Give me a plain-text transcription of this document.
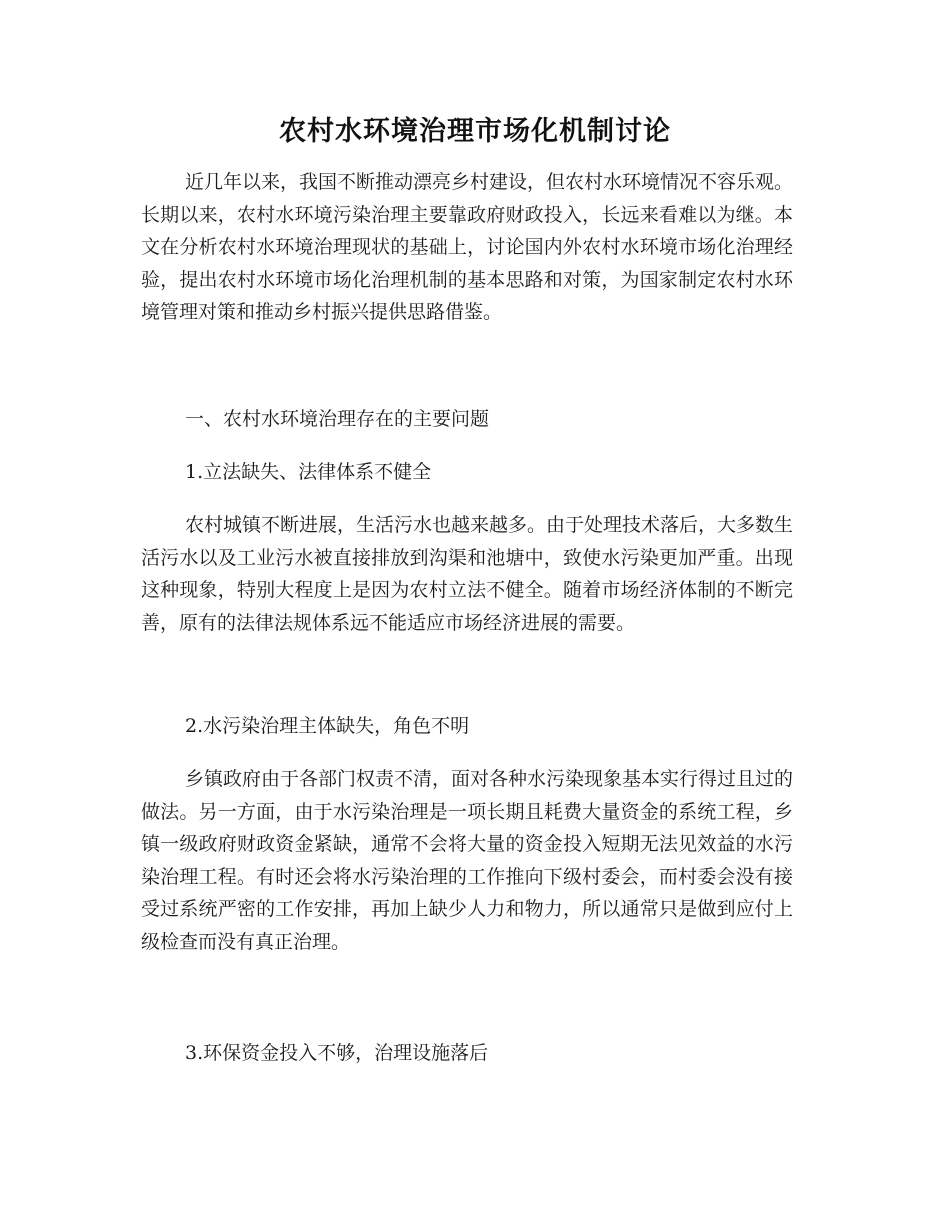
农村水环境治理市场化机制讨论
近几年以来，我国不断推动漂亮乡村建设，但农村水环境情况不容乐观。长期以来，农村水环境污染治理主要靠政府财政投入，长远来看难以为继。本文在分析农村水环境治理现状的基础上，讨论国内外农村水环境市场化治理经验，提出农村水环境市场化治理机制的基本思路和对策，为国家制定农村水环境管理对策和推动乡村振兴提供思路借鉴。
一、农村水环境治理存在的主要问题
1.立法缺失、法律体系不健全
农村城镇不断进展，生活污水也越来越多。由于处理技术落后，大多数生活污水以及工业污水被直接排放到沟渠和池塘中，致使水污染更加严重。出现这种现象，特别大程度上是因为农村立法不健全。随着市场经济体制的不断完善，原有的法律法规体系远不能适应市场经济进展的需要。
2.水污染治理主体缺失，角色不明
乡镇政府由于各部门权责不清，面对各种水污染现象基本实行得过且过的做法。另一方面，由于水污染治理是一项长期且耗费大量资金的系统工程，乡镇一级政府财政资金紧缺，通常不会将大量的资金投入短期无法见效益的水污染治理工程。有时还会将水污染治理的工作推向下级村委会，而村委会没有接受过系统严密的工作安排，再加上缺少人力和物力，所以通常只是做到应付上级检查而没有真正治理。
3.环保资金投入不够，治理设施落后
